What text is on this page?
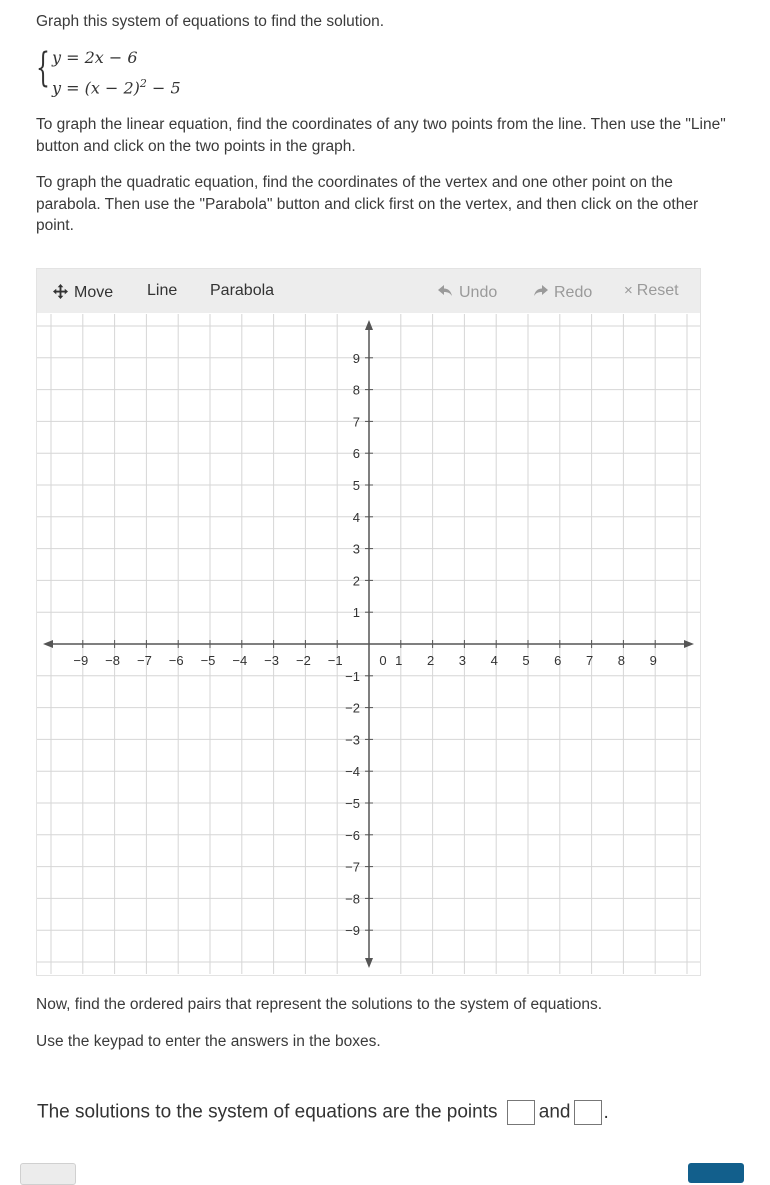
Graph this system of equations to find the solution.

{ y = 2x − 6
$y = (x - 2)^2 - 5$

To graph the linear equation, find the coordinates of any two points from the line. Then use the "Line" button and click on the two points in the graph.

To graph the quadratic equation, find the coordinates of the vertex and one other point on the parabola. Then use the "Parabola" button and click first on the vertex, and then click on the other point.

Move Line Parabola	Undo	Redo × Reset
−9 −8 −7 −6 −5 −4 −3 −2 −1	0 1 2 3 4 5 6 7 8 9
−9
−8
−7
−6
−5
−4
−3
−2
−1
1
2
3
4
5
6
7
8
9

Now, find the ordered pairs that represent the solutions to the system of equations.

Use the keypad to enter the answers in the boxes.

The solutions to the system of equations are the points and .
